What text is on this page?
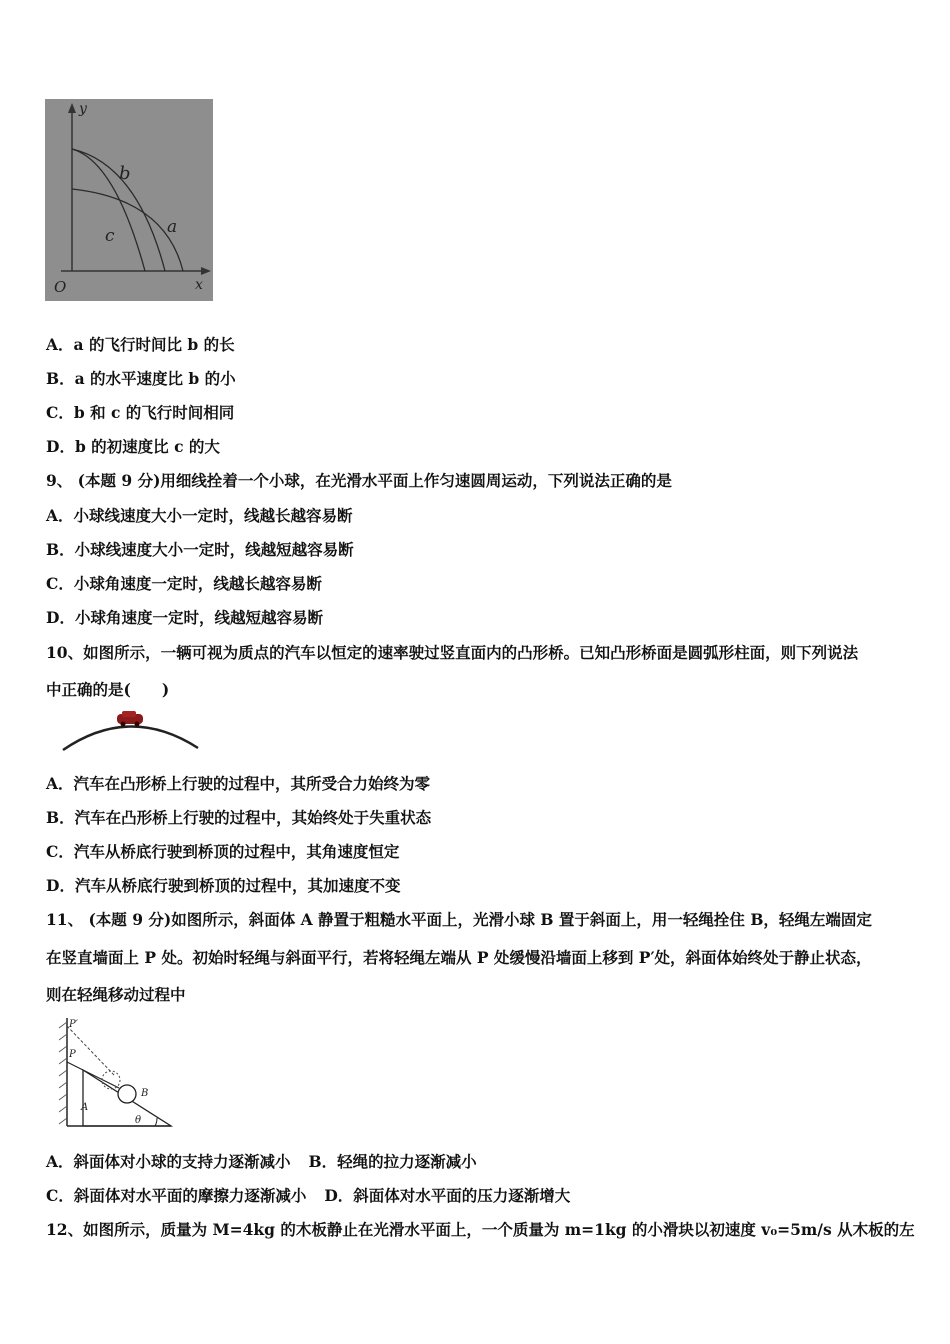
y
x
O
b
c	a
A．a 的飞行时间比 b 的长
B．a 的水平速度比 b 的小
C．b 和 c 的飞行时间相同
D．b 的初速度比 c 的大
9、 (本题 9 分)用细线拴着一个小球，在光滑水平面上作匀速圆周运动，下列说法正确的是
A．小球线速度大小一定时，线越长越容易断
B．小球线速度大小一定时，线越短越容易断
C．小球角速度一定时，线越长越容易断
D．小球角速度一定时，线越短越容易断
10、如图所示，一辆可视为质点的汽车以恒定的速率驶过竖直面内的凸形桥。已知凸形桥面是圆弧形柱面，则下列说法
中正确的是(　　)
A．汽车在凸形桥上行驶的过程中，其所受合力始终为零
B．汽车在凸形桥上行驶的过程中，其始终处于失重状态
C．汽车从桥底行驶到桥顶的过程中，其角速度恒定
D．汽车从桥底行驶到桥顶的过程中，其加速度不变
11、 (本题 9 分)如图所示，斜面体 A 静置于粗糙水平面上，光滑小球 B 置于斜面上，用一轻绳拴住 B，轻绳左端固定
在竖直墙面上 P 处。初始时轻绳与斜面平行，若将轻绳左端从 P 处缓慢沿墙面上移到 P′处，斜面体始终处于静止状态，
则在轻绳移动过程中
P′
P
B
A
θ
A．斜面体对小球的支持力逐渐减小 B．轻绳的拉力逐渐减小
C．斜面体对水平面的摩擦力逐渐减小 D．斜面体对水平面的压力逐渐增大
12、如图所示，质量为 M=4kg 的木板静止在光滑水平面上，一个质量为 m=1kg 的小滑块以初速度 v₀=5m/s 从木板的左
